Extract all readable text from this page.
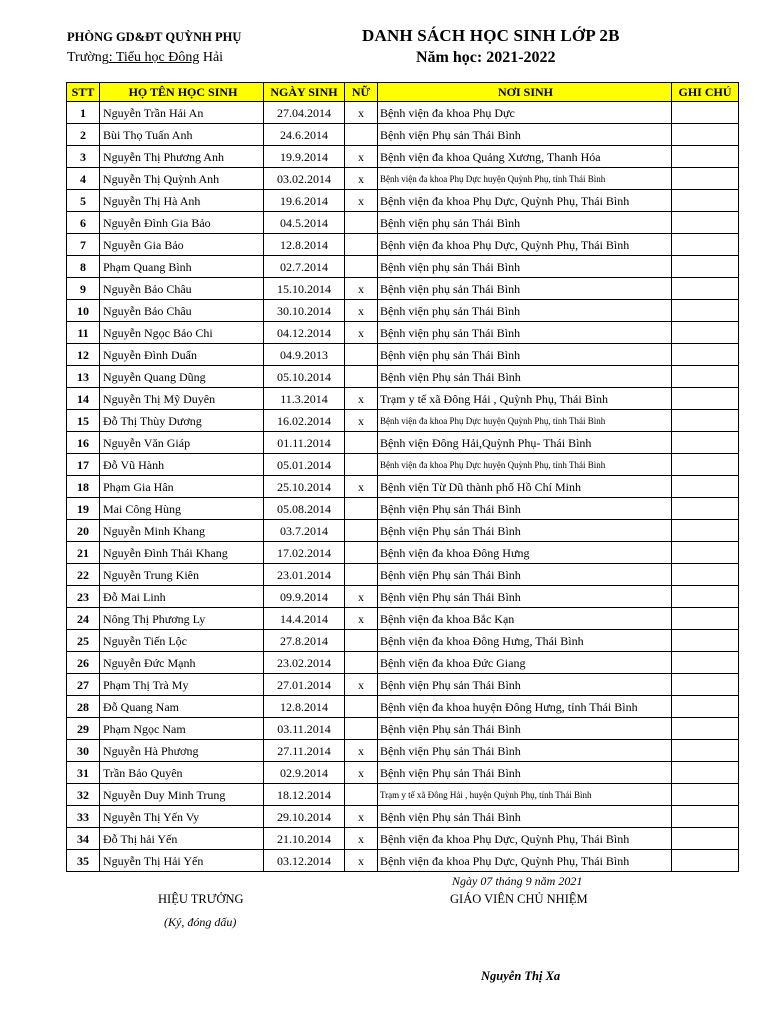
PHÒNG GD&ĐT QUỲNH PHỤ
Trường: Tiểu học Đông Hải
DANH SÁCH HỌC SINH LỚP 2B
Năm học: 2021-2022
STT	HỌ TÊN HỌC SINH	NGÀY SINH	NỮ	NƠI SINH	GHI CHÚ
1	Nguyễn Trần Hải An	27.04.2014	x	Bệnh viện đa khoa Phụ Dực	
2	Bùi Thọ Tuấn Anh	24.6.2014		Bệnh viện Phụ sản Thái Bình	
3	Nguyễn Thị Phương Anh	19.9.2014	x	Bệnh viện đa khoa Quảng Xương, Thanh Hóa	
4	Nguyễn Thị Quỳnh Anh	03.02.2014	x	Bệnh viện đa khoa Phụ Dực huyện Quỳnh Phụ, tỉnh Thái Bình	
5	Nguyễn Thị Hà Anh	19.6.2014	x	Bệnh viện đa khoa Phụ Dực, Quỳnh Phụ, Thái Bình	
6	Nguyễn Đình Gia Bảo	04.5.2014		Bệnh viện phụ sản Thái Bình	
7	Nguyễn Gia Bảo	12.8.2014		Bệnh viện đa khoa Phụ Dực, Quỳnh Phụ, Thái Bình	
8	Phạm Quang Bình	02.7.2014		Bệnh viện phụ sản Thái Bình	
9	Nguyễn Bảo Châu	15.10.2014	x	Bệnh viện phụ sản Thái Bình	
10	Nguyễn Bảo Châu	30.10.2014	x	Bệnh viện phụ sản Thái Bình	
11	Nguyễn Ngọc Bảo Chi	04.12.2014	x	Bệnh viện phụ sản Thái Bình	
12	Nguyễn Đình Duẩn	04.9.2013		Bệnh viện phụ sản Thái Bình	
13	Nguyễn Quang Dũng	05.10.2014		Bệnh viện Phụ sản Thái Bình	
14	Nguyễn Thị Mỹ Duyên	11.3.2014	x	Trạm y tế xã Đông Hải , Quỳnh Phụ, Thái Bình	
15	Đỗ Thị Thùy Dương	16.02.2014	x	Bệnh viện đa khoa Phụ Dực huyện Quỳnh Phụ, tỉnh Thái Bình	
16	Nguyễn Văn Giáp	01.11.2014		Bệnh viện Đông Hải,Quỳnh Phụ- Thái Bình	
17	Đỗ Vũ Hành	05.01.2014		Bệnh viện đa khoa Phụ Dực huyện Quỳnh Phụ, tỉnh Thái Bình	
18	Phạm Gia Hân	25.10.2014	x	Bệnh viện Từ Dũ thành phố Hồ Chí Minh	
19	Mai Công Hùng	05.08.2014		Bệnh viện Phụ sản Thái Bình	
20	Nguyễn Minh Khang	03.7.2014		Bệnh viện Phụ sản Thái Bình	
21	Nguyễn Đình Thái Khang	17.02.2014		Bệnh viện đa khoa Đông Hưng	
22	Nguyễn Trung Kiên	23.01.2014		Bệnh viện Phụ sản Thái Bình	
23	Đỗ Mai Linh	09.9.2014	x	Bệnh viện Phụ sản Thái Bình	
24	Nông Thị Phương Ly	14.4.2014	x	Bệnh viện đa khoa Bắc Kạn	
25	Nguyễn Tiến Lộc	27.8.2014		Bệnh viện đa khoa Đông Hưng, Thái Bình	
26	Nguyễn Đức Mạnh	23.02.2014		Bệnh viện đa khoa Đức Giang	
27	Phạm Thị Trà My	27.01.2014	x	Bệnh viện Phụ sản Thái Bình	
28	Đỗ Quang Nam	12.8.2014		Bệnh viện đa khoa huyện Đông Hưng, tỉnh Thái Bình	
29	Phạm Ngọc Nam	03.11.2014		Bệnh viện Phụ sản Thái Bình	
30	Nguyễn Hà Phương	27.11.2014	x	Bệnh viện Phụ sản Thái Bình	
31	Trần Bảo Quyên	02.9.2014	x	Bệnh viện Phụ sản Thái Bình	
32	Nguyễn Duy Minh Trung	18.12.2014		Trạm y tế xã Đông Hải , huyện Quỳnh Phụ, tỉnh Thái Bình	
33	Nguyễn Thị Yến Vy	29.10.2014	x	Bệnh viện Phụ sản Thái Bình	
34	Đỗ Thị hải Yến	21.10.2014	x	Bệnh viện đa khoa Phụ Dực, Quỳnh Phụ, Thái Bình	
35	Nguyễn Thị Hải Yến	03.12.2014	x	Bệnh viện đa khoa Phụ Dực, Quỳnh Phụ, Thái Bình	
Ngày 07 tháng 9 năm 2021
HIỆU TRƯỞNG
(Ký, đóng dấu)
GIÁO VIÊN CHỦ NHIỆM
Nguyễn Thị Xa
